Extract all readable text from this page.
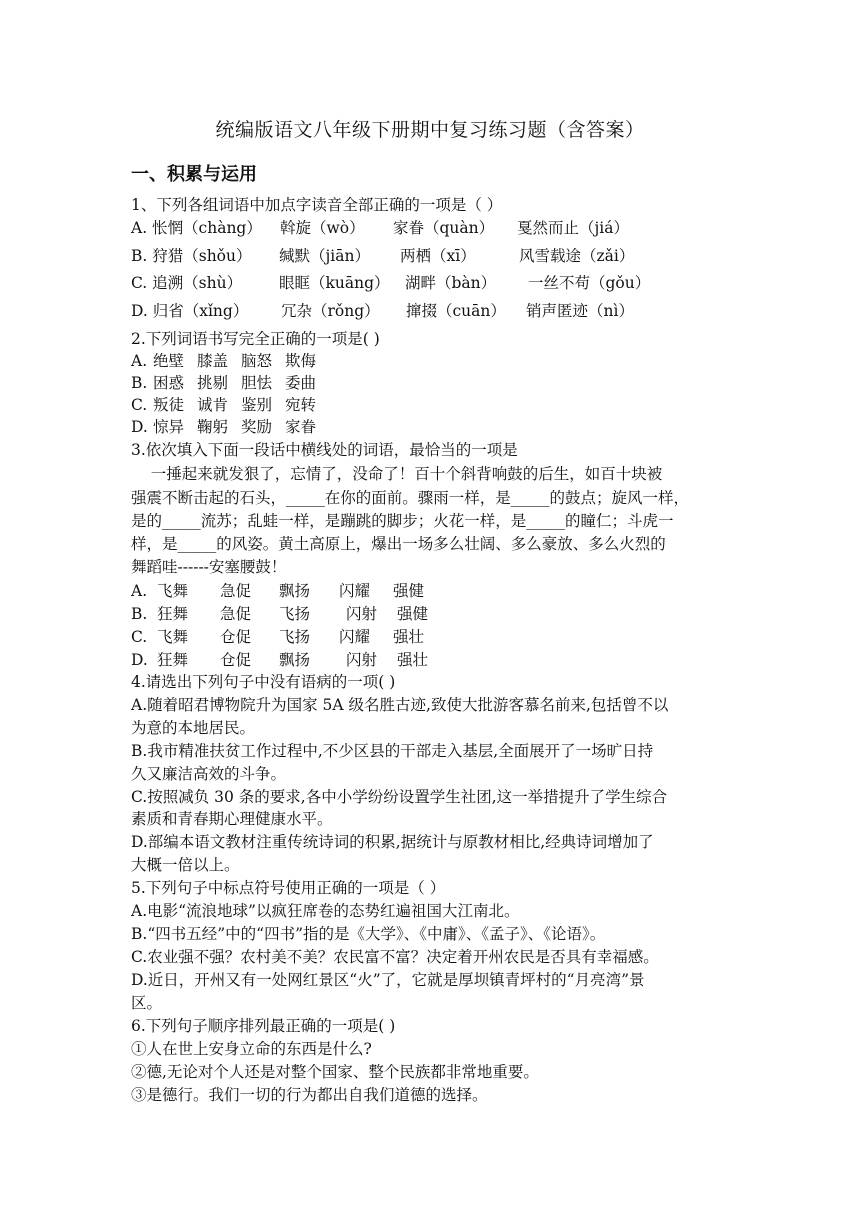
统编版语文八年级下册期中复习练习题（含答案）
一、积累与运用
1、下列各组词语中加点字读音全部正确的一项是（ ）
A. 怅惘（chàng） 斡旋（wò） 家眷（quàn） 戛然而止（jiá）
B. 狩猎（shǒu） 缄默（jiān） 两栖（xī）	风雪载途（zǎi）
C. 追溯（shù） 眼眶（kuāng） 湖畔（bàn） 一丝不苟（gǒu）
D. 归省（xǐng） 冗杂（rǒng） 撺掇（cuān） 销声匿迹（nì）
2.下列词语书写完全正确的一项是( )
A. 绝壁 膝盖 脑怒 欺侮
B. 困惑 挑剔 胆怯 委曲
C. 叛徒 诚肯 鉴别 宛转
D. 惊异 鞠躬 奖励 家眷
3.依次填入下面一段话中横线处的词语，最恰当的一项是
一捶起来就发狠了，忘情了，没命了！百十个斜背响鼓的后生，如百十块被
强震不断击起的石头，_____在你的面前。骤雨一样，是_____的鼓点；旋风一样，
是的_____流苏；乱蛙一样，是蹦跳的脚步；火花一样，是_____的瞳仁；斗虎一
样，是_____的风姿。黄土高原上，爆出一场多么壮阔、多么豪放、多么火烈的
舞蹈哇------安塞腰鼓！
A. 飞舞 急促 飘扬 闪耀 强健
B. 狂舞 急促 飞扬 闪射 强健
C. 飞舞 仓促 飞扬 闪耀 强壮
D. 狂舞 仓促 飘扬 闪射 强壮
4.请选出下列句子中没有语病的一项( )
A.随着昭君博物院升为国家 5A 级名胜古迹,致使大批游客慕名前来,包括曾不以
为意的本地居民。
B.我市精准扶贫工作过程中,不少区县的干部走入基层,全面展开了一场旷日持
久又廉洁高效的斗争。
C.按照减负 30 条的要求,各中小学纷纷设置学生社团,这一举措提升了学生综合
素质和青春期心理健康水平。
D.部编本语文教材注重传统诗词的积累,据统计与原教材相比,经典诗词增加了
大概一倍以上。
5.下列句子中标点符号使用正确的一项是（ ）
A.电影“流浪地球”以疯狂席卷的态势红遍祖国大江南北。
B.“四书五经”中的“四书”指的是《大学》、《中庸》、《孟子》、《论语》。
C.农业强不强？农村美不美？农民富不富？决定着开州农民是否具有幸福感。
D.近日，开州又有一处网红景区“火”了，它就是厚坝镇青坪村的“月亮湾”景
区。
6.下列句子顺序排列最正确的一项是( )
①人在世上安身立命的东西是什么?
②德,无论对个人还是对整个国家、整个民族都非常地重要。
③是德行。我们一切的行为都出自我们道德的选择。
